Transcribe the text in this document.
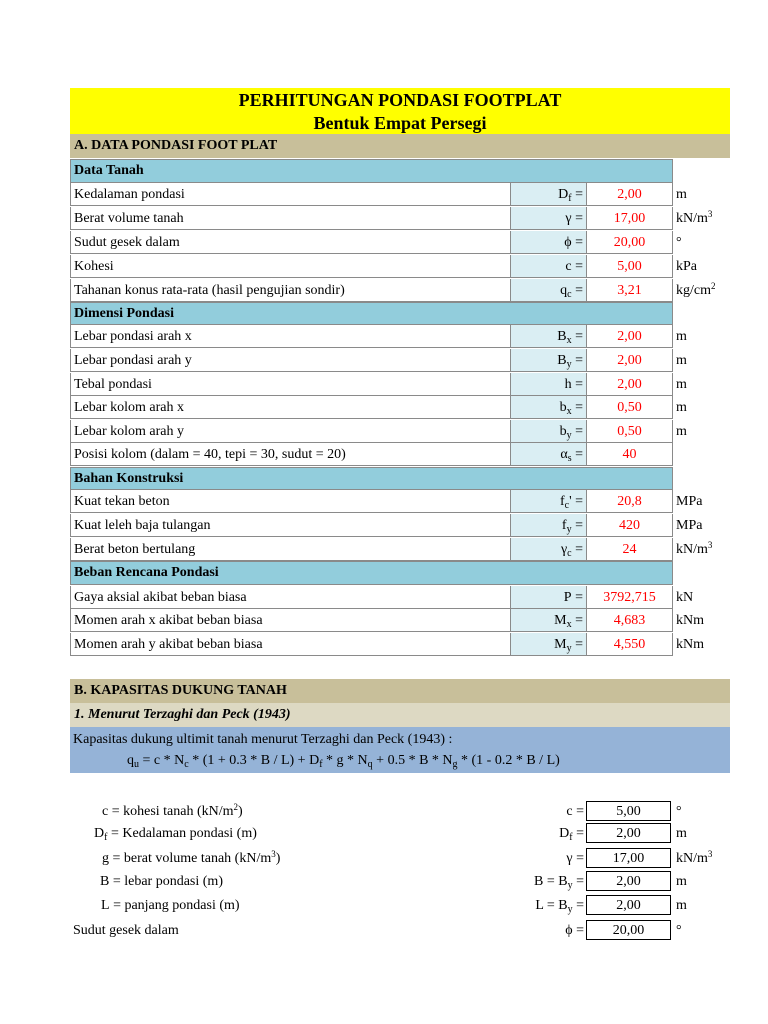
PERHITUNGAN PONDASI FOOTPLAT
Bentuk Empat Persegi
A. DATA PONDASI FOOT PLAT
Data Tanah
Kedalaman pondasi	$D_f$ =	2,00	m
Berat volume tanah	γ =	17,00	$kN/m^3$
Sudut gesek dalam	ϕ =	20,00	°
Kohesi	c =	5,00	kPa
Tahanan konus rata-rata (hasil pengujian sondir)	$q_c$ =	3,21	$kg/cm^2$
Dimensi Pondasi
Lebar pondasi arah x	$B_x$ =	2,00	m
Lebar pondasi arah y	$B_y$ =	2,00	m
Tebal pondasi	h =	2,00	m
Lebar kolom arah x	$b_x$ =	0,50	m
Lebar kolom arah y	$b_y$ =	0,50	m
Posisi kolom (dalam = 40, tepi = 30, sudut = 20)	$\alpha_s$ =	40
Bahan Konstruksi
Kuat tekan beton	$f_c'$ =	20,8	MPa
Kuat leleh baja tulangan	$f_y$ =	420	MPa
Berat beton bertulang	$\gamma_c$ =	24	$kN/m^3$
Beban Rencana Pondasi
Gaya aksial akibat beban biasa	P =	3792,715	kN
Momen arah x akibat beban biasa	$M_x$ =	4,683	kNm
Momen arah y akibat beban biasa	$M_y$ =	4,550	kNm
B. KAPASITAS DUKUNG TANAH
1. Menurut Terzaghi dan Peck (1943)
Kapasitas dukung ultimit tanah menurut Terzaghi dan Peck (1943) :
$q_u = c * N_c * (1 + 0.3 * B / L) + D_f * g * N_q + 0.5 * B * N_g * (1 - 0.2 * B / L)$
c = kohesi tanah $(kN/m^2)$	c =	5,00	°
$D_f$ = Kedalaman pondasi (m)	$D_f$ =	2,00	m
g = berat volume tanah $(kN/m^3)$	γ =	17,00	$kN/m^3$
B = lebar pondasi (m)	$B = B_y$ =	2,00	m
L = panjang pondasi (m)	$L = B_y$ =	2,00	m
Sudut gesek dalam	ϕ =	20,00	°
